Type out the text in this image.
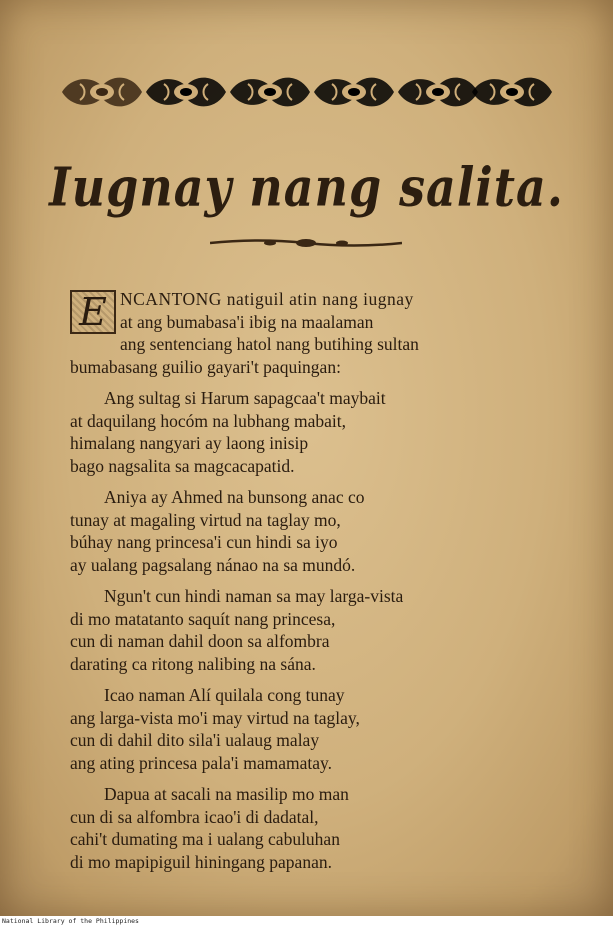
Iugnay nang salita.
E NCANTONG natiguil atin nang iugnay
at ang bumabasa'i ibig na maalaman
ang sentenciang hatol nang butihing sultan
bumabasang guilio gayari't paquingan:
Ang sultag si Harum sapagcaa't maybait
at daquilang hocóm na lubhang mabait,
himalang nangyari ay laong inisip
bago nagsalita sa magcacapatid.
Aniya ay Ahmed na bunsong anac co
tunay at magaling virtud na taglay mo,
búhay nang princesa'i cun hindi sa iyo
ay ualang pagsalang nánao na sa mundó.
Ngun't cun hindi naman sa may larga-vista
di mo matatanto saquít nang princesa,
cun di naman dahil doon sa alfombra
darating ca ritong nalibing na sána.
Icao naman Alí quilala cong tunay
ang larga-vista mo'i may virtud na taglay,
cun di dahil dito sila'i ualaug malay
ang ating princesa pala'i mamamatay.
Dapua at sacali na masilip mo man
cun di sa alfombra icao'i di dadatal,
cahi't dumating ma i ualang cabuluhan
di mo mapipiguil hiningang papanan.
National Library of the Philippines
